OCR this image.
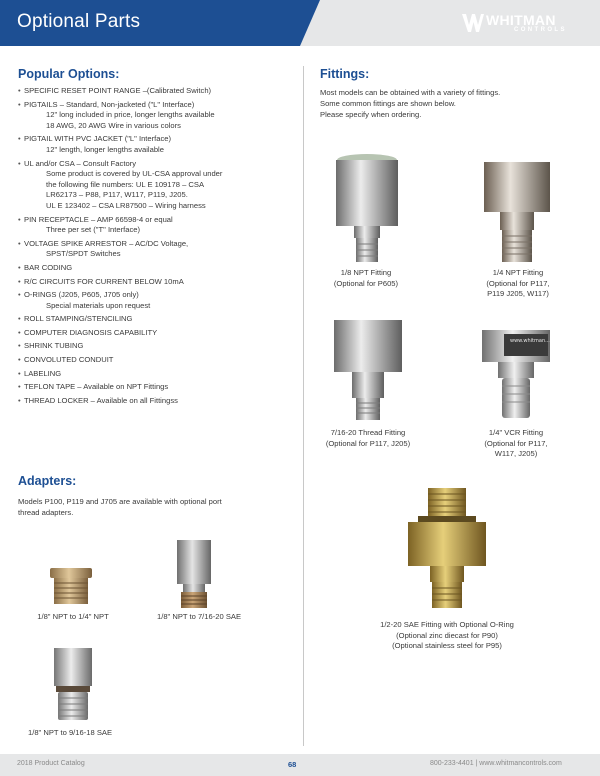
Optional Parts	WHITMAN
CONTROLS
Popular Options:
• SPECIFIC RESET POINT RANGE –(Calibrated Switch)
• PIGTAILS – Standard, Non-jacketed ("L" Interface)
12" long included in price, longer lengths available
18 AWG, 20 AWG Wire in various colors
• PIGTAIL WITH PVC JACKET ("L" Interface)
12" length, longer lengths available
• UL and/or CSA – Consult Factory
Some product is covered by UL-CSA approval under
the following file numbers: UL E 109178 – CSA
LR62173 – P88, P117, W117, P119, J205.
UL E 123402 – CSA LR87500 – Wiring harness
• PIN RECEPTACLE – AMP 66598-4 or equal
Three per set ("T" Interface)
• VOLTAGE SPIKE ARRESTOR – AC/DC Voltage,
SPST/SPDT Switches
• BAR CODING
• R/C CIRCUITS FOR CURRENT BELOW 10mA
• O-RINGS (J205, P605, J705 only)
Special materials upon request
• ROLL STAMPING/STENCILING
• COMPUTER DIAGNOSIS CAPABILITY
• SHRINK TUBING
• CONVOLUTED CONDUIT
• LABELING
• TEFLON TAPE – Available on NPT Fittings
• THREAD LOCKER – Available on all Fittingss
Adapters:
Models P100, P119 and J705 are available with optional port
thread adapters.
1/8" NPT to 1/4" NPT	1/8" NPT to 7/16-20 SAE
1/8" NPT to 9/16-18 SAE
Fittings:
Most models can be obtained with a variety of fittings.
Some common fittings are shown below.
Please specify when ordering.
1/8 NPT Fitting
(Optional for P605)
1/4 NPT Fitting
(Optional for P117,
P119 J205, W117)
7/16-20 Thread Fitting
(Optional for P117, J205)
www.whitman...
1/4" VCR Fitting
(Optional for P117,
W117, J205)
1/2-20 SAE Fitting with Optional O-Ring
(Optional zinc diecast for P90)
(Optional stainless steel for P95)
2018 Product Catalog	68	800-233-4401 | www.whitmancontrols.com
